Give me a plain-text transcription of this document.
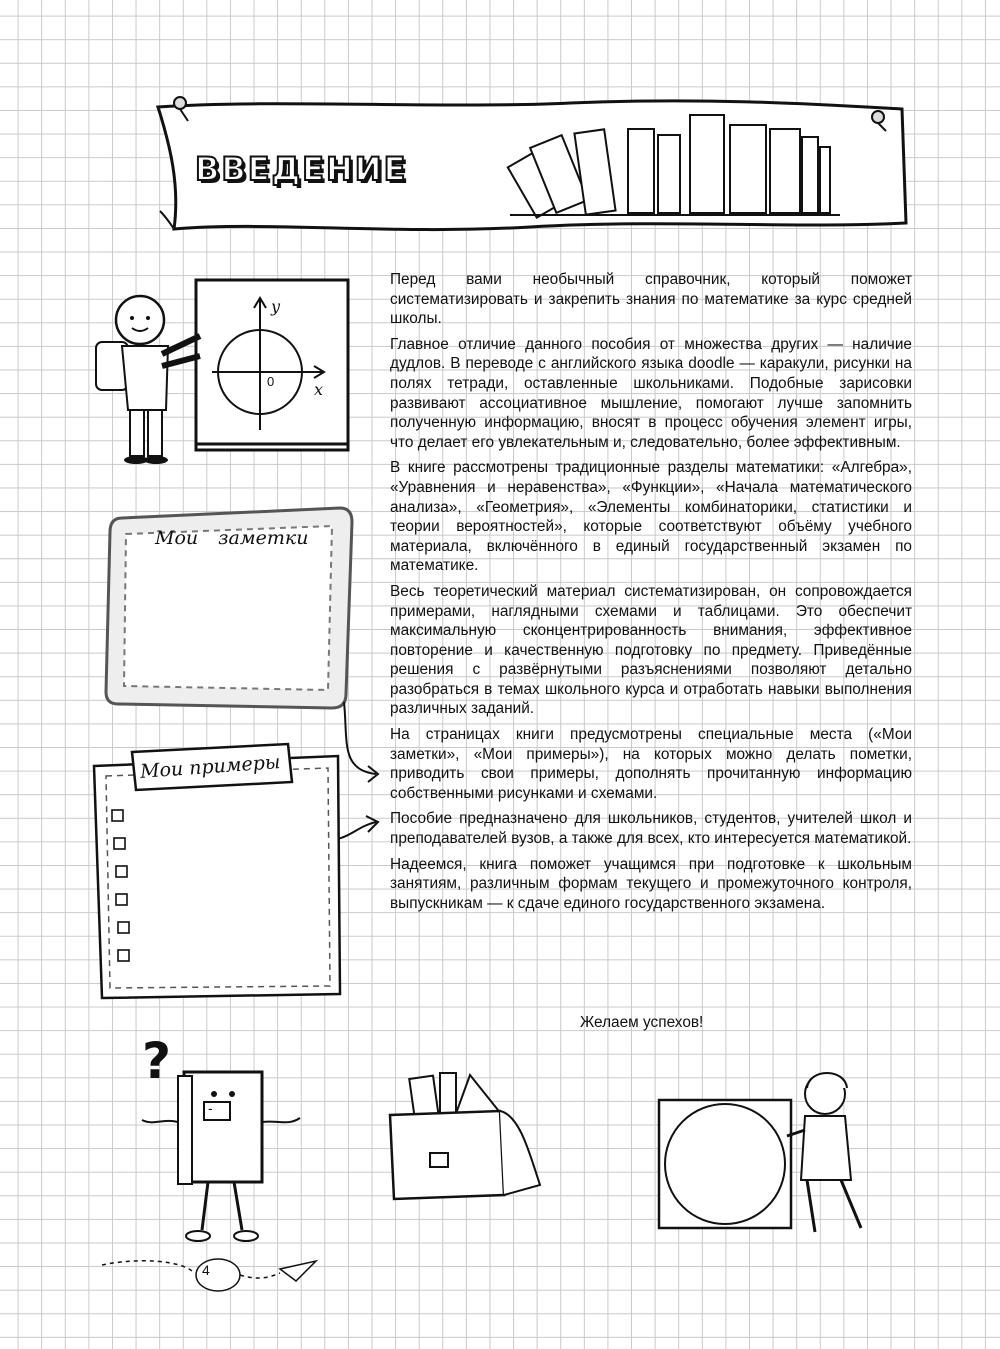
ВВЕДЕНИЕ
y
x
0
Мои заметки
Мои примеры

Перед вами необычный справочник, который поможет систематизировать и закрепить знания по математике за курс средней школы.

Главное отличие данного пособия от множества других — наличие дудлов. В переводе с английского языка doodle — каракули, рисунки на полях тетради, оставленные школьниками. Подобные зарисовки развивают ассоциативное мышление, помогают лучше запомнить полученную информацию, вносят в процесс обучения элемент игры, что делает его увлекательным и, следовательно, более эффективным.

В книге рассмотрены традиционные разделы математики: «Алгебра», «Уравнения и неравенства», «Функции», «Начала математического анализа», «Геометрия», «Элементы комбинаторики, статистики и теории вероятностей», которые соответствуют объёму учебного материала, включённого в единый государственный экзамен по математике.

Весь теоретический материал систематизирован, он сопровождается примерами, наглядными схемами и таблицами. Это обеспечит максимальную сконцентрированность внимания, эффективное повторение и качественную подготовку по предмету. Приведённые решения с развёрнутыми разъяснениями позволяют детально разобраться в темах школьного курса и отработать навыки выполнения различных заданий.

На страницах книги предусмотрены специальные места («Мои заметки», «Мои примеры»), на которых можно делать пометки, приводить свои примеры, дополнять прочитанную информацию собственными рисунками и схемами.

Пособие предназначено для школьников, студентов, учителей школ и преподавателей вузов, а также для всех, кто интересуется математикой.

Надеемся, книга поможет учащимся при подготовке к школьным занятиям, различным формам текущего и промежуточного контроля, выпускникам — к сдаче единого государственного экзамена.

Желаем успехов!
?
-
4
